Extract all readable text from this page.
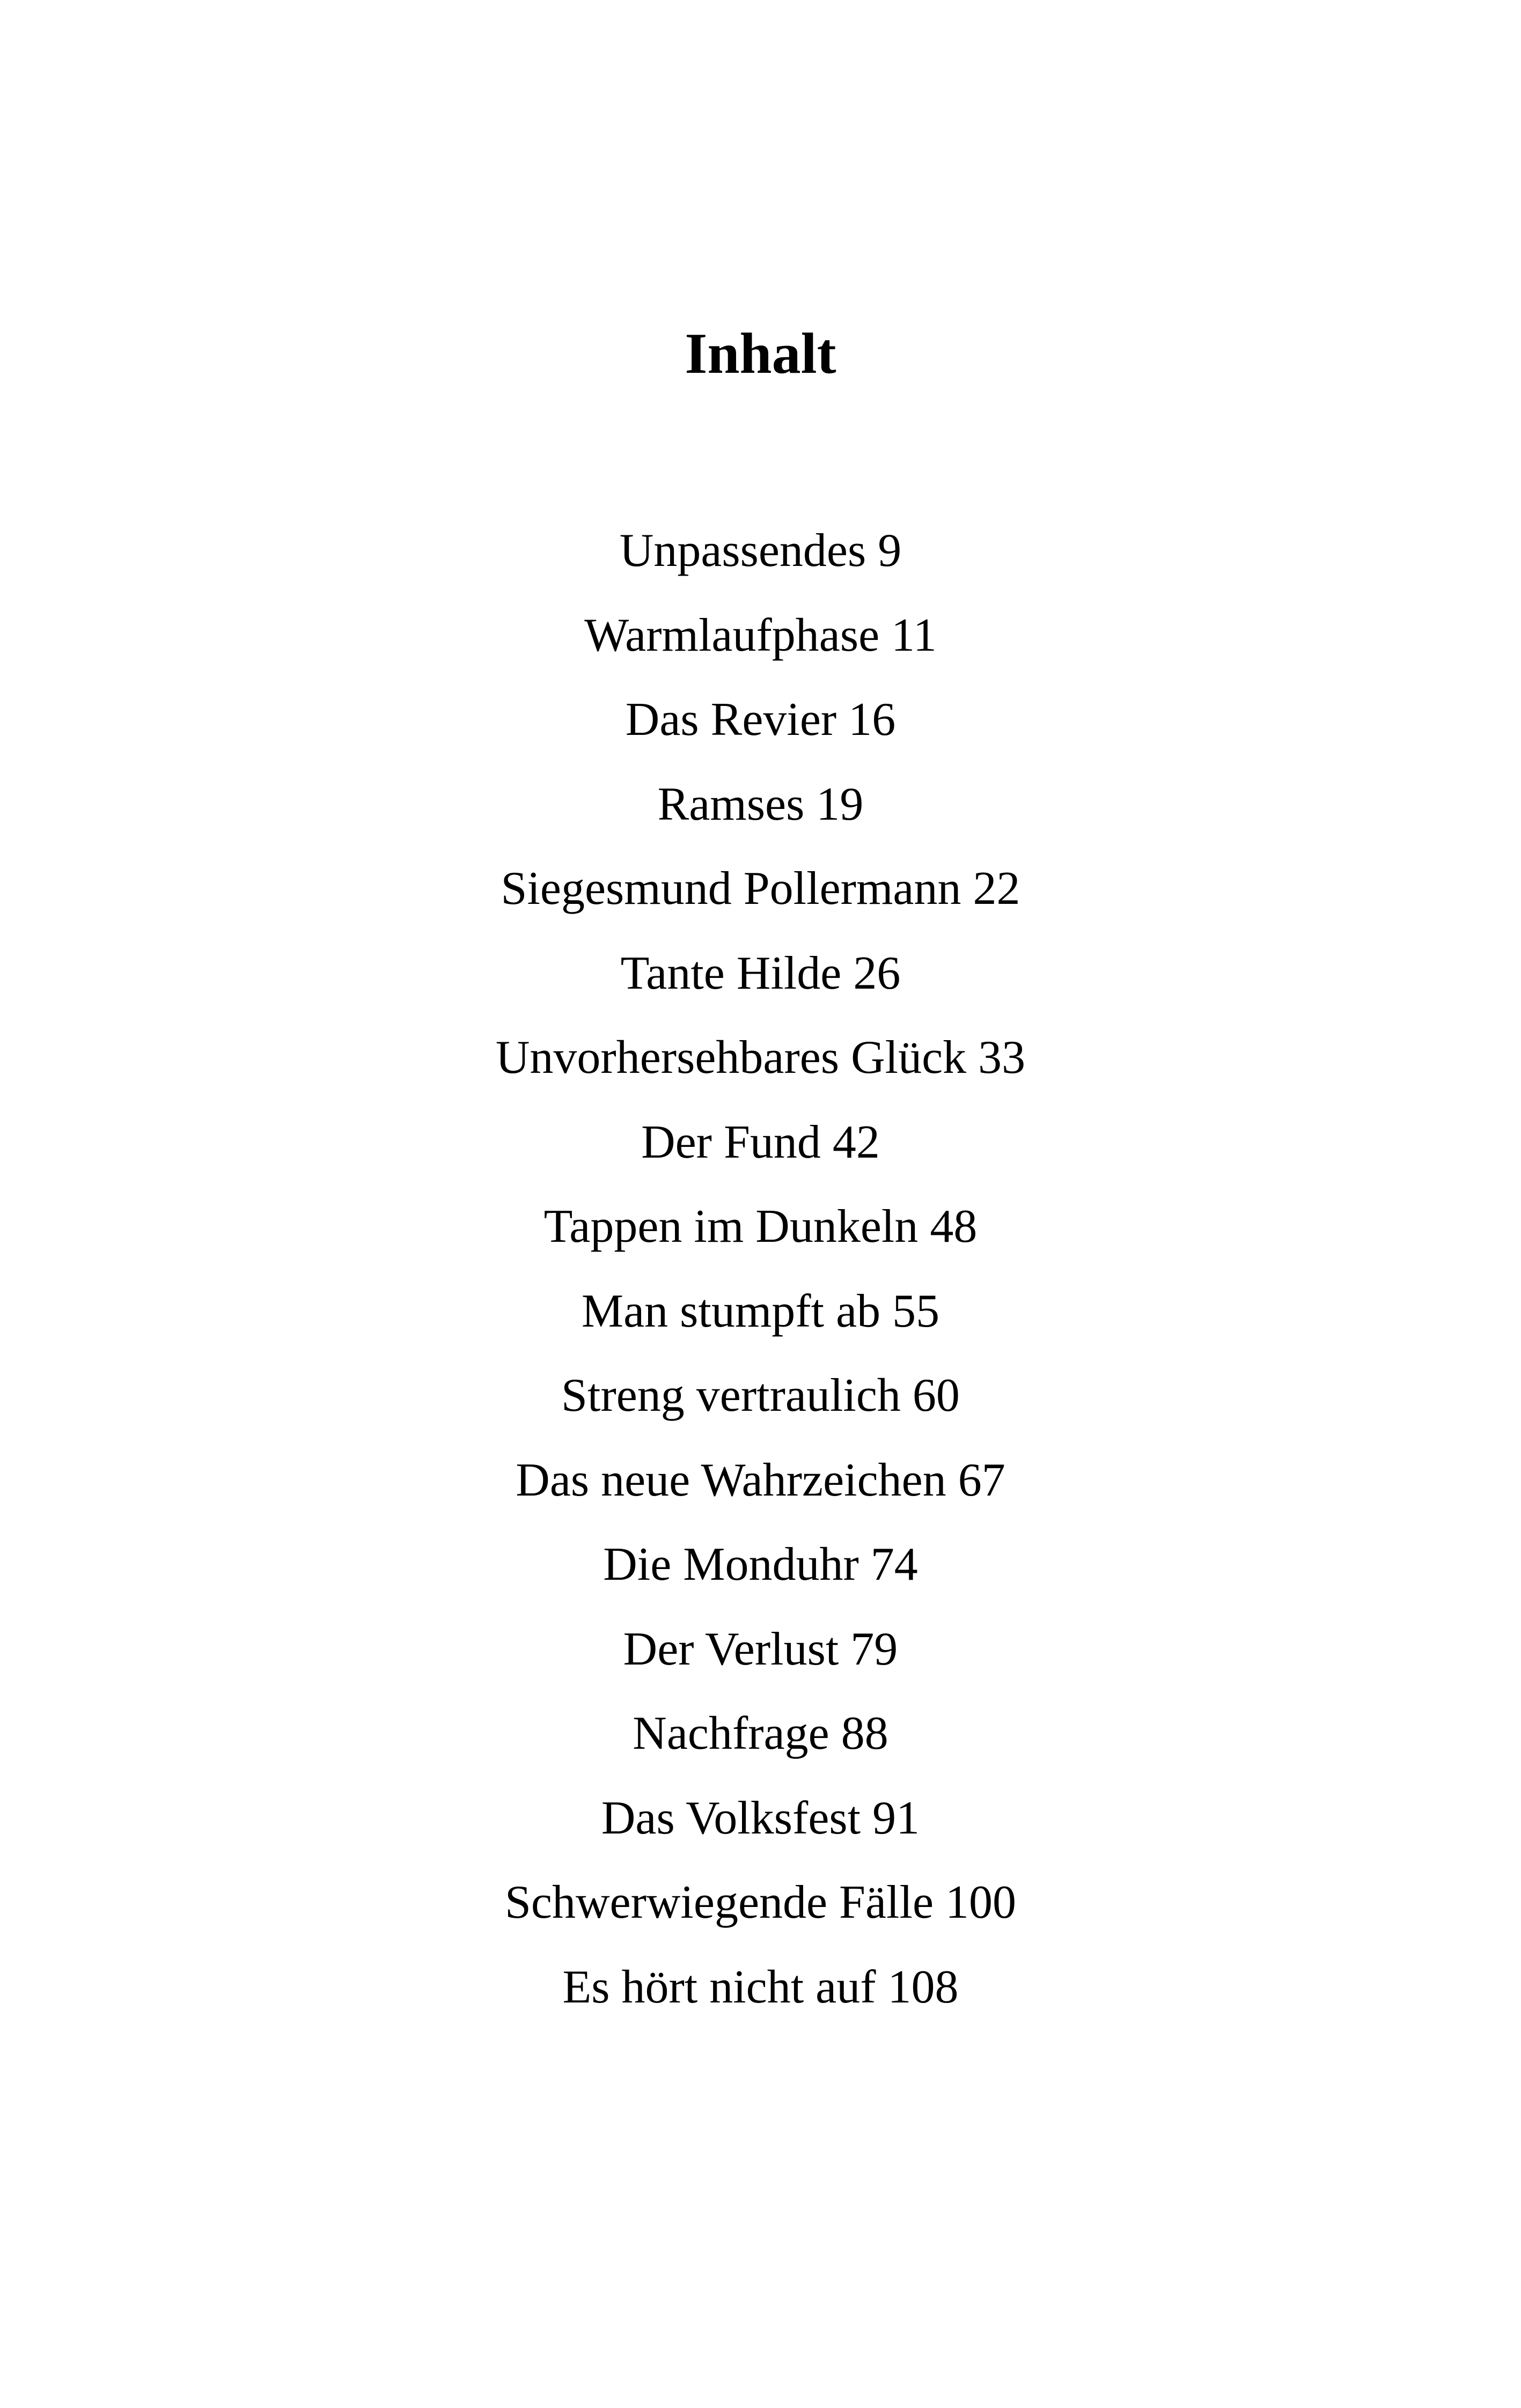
Inhalt
Unpassendes 9
Warmlaufphase 11
Das Revier 16
Ramses 19
Siegesmund Pollermann 22
Tante Hilde 26
Unvorhersehbares Glück 33
Der Fund 42
Tappen im Dunkeln 48
Man stumpft ab 55
Streng vertraulich 60
Das neue Wahrzeichen 67
Die Monduhr 74
Der Verlust 79
Nachfrage 88
Das Volksfest 91
Schwerwiegende Fälle 100
Es hört nicht auf 108
